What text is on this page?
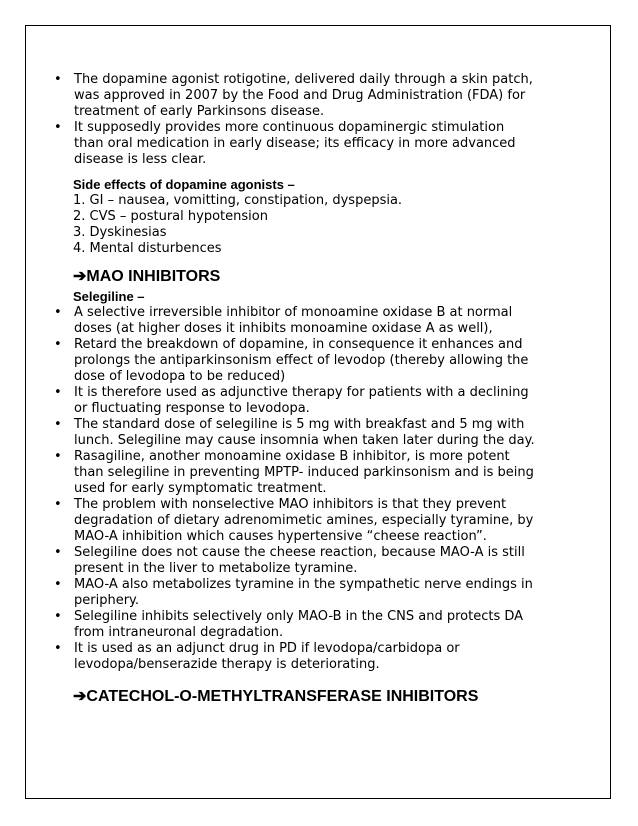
• The dopamine agonist rotigotine, delivered daily through a skin patch, was approved in 2007 by the Food and Drug Administration (FDA) for treatment of early Parkinsons disease.
• It supposedly provides more continuous dopaminergic stimulation than oral medication in early disease; its efficacy in more advanced disease is less clear.
Side effects of dopamine agonists –
1. GI – nausea, vomitting, constipation, dyspepsia.
2. CVS – postural hypotension
3. Dyskinesias
4. Mental disturbences
➔MAO INHIBITORS
Selegiline –
• A selective irreversible inhibitor of monoamine oxidase B at normal doses (at higher doses it inhibits monoamine oxidase A as well),
• Retard the breakdown of dopamine, in consequence it enhances and prolongs the antiparkinsonism effect of levodop (thereby allowing the dose of levodopa to be reduced)
• It is therefore used as adjunctive therapy for patients with a declining or fluctuating response to levodopa.
• The standard dose of selegiline is 5 mg with breakfast and 5 mg with lunch. Selegiline may cause insomnia when taken later during the day.
• Rasagiline, another monoamine oxidase B inhibitor, is more potent than selegiline in preventing MPTP- induced parkinsonism and is being used for early symptomatic treatment.
• The problem with nonselective MAO inhibitors is that they prevent degradation of dietary adrenomimetic amines, especially tyramine, by MAO-A inhibition which causes hypertensive “cheese reaction”.
• Selegiline does not cause the cheese reaction, because MAO-A is still present in the liver to metabolize tyramine.
• MAO-A also metabolizes tyramine in the sympathetic nerve endings in periphery.
• Selegiline inhibits selectively only MAO-B in the CNS and protects DA from intraneuronal degradation.
• It is used as an adjunct drug in PD if levodopa/carbidopa or levodopa/benserazide therapy is deteriorating.
➔CATECHOL-O-METHYLTRANSFERASE INHIBITORS
